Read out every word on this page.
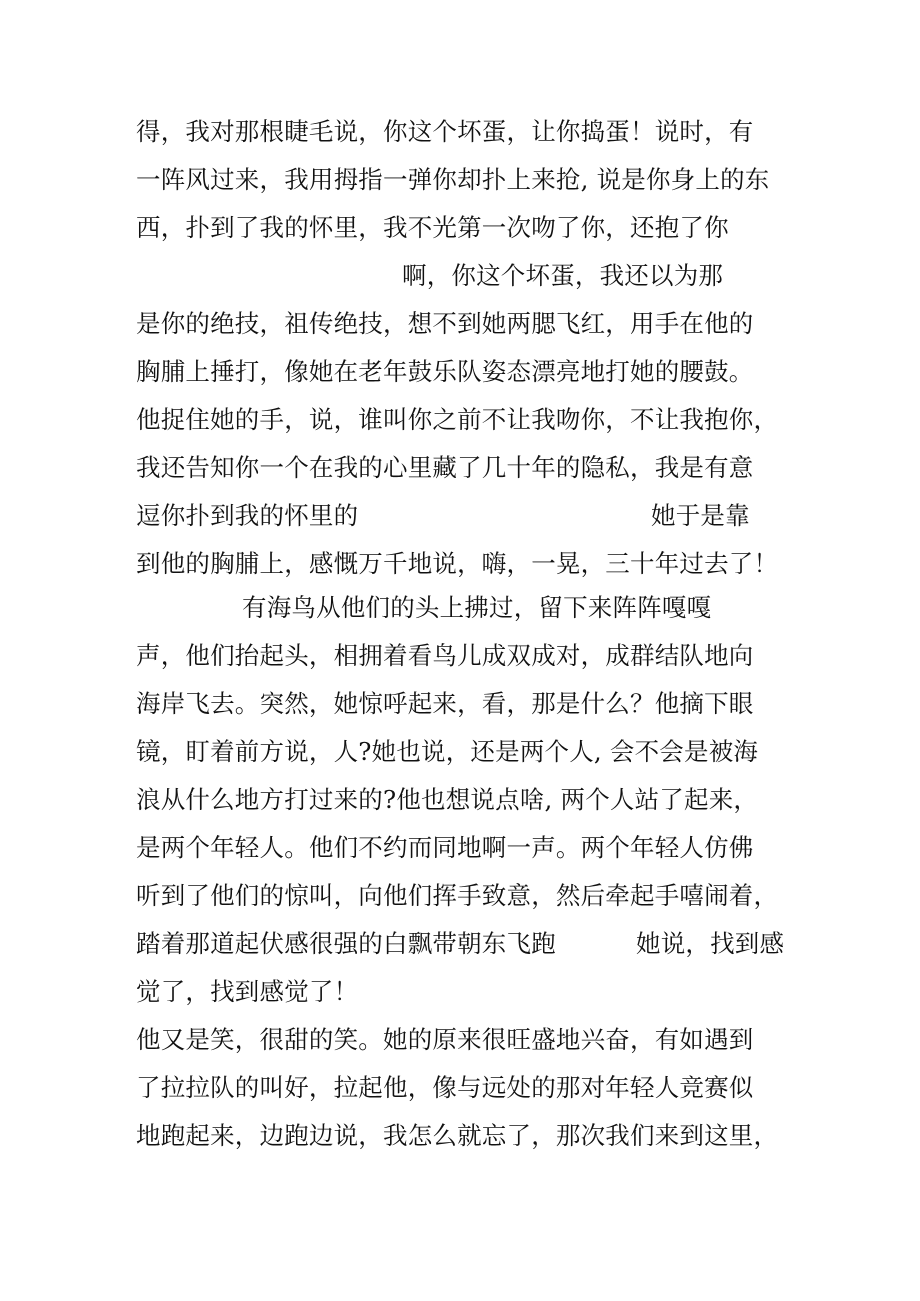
得，我对那根睫毛说，你这个坏蛋，让你捣蛋！说时，有
一阵风过来，我用拇指一弹你却扑上来抢, 说是你身上的东
西，扑到了我的怀里，我不光第一次吻了你，还抱了你
啊，你这个坏蛋，我还以为那
是你的绝技，祖传绝技，想不到她两腮飞红，用手在他的
胸脯上捶打，像她在老年鼓乐队姿态漂亮地打她的腰鼓。
他捉住她的手，说，谁叫你之前不让我吻你，不让我抱你，
我还告知你一个在我的心里藏了几十年的隐私，我是有意
逗你扑到我的怀里的	她于是靠
到他的胸脯上，感慨万千地说，嗨，一晃，三十年过去了！
有海鸟从他们的头上拂过，留下来阵阵嘎嘎
声，他们抬起头，相拥着看鸟儿成双成对，成群结队地向
海岸飞去。突然，她惊呼起来，看，那是什么？他摘下眼
镜，盯着前方说，人?她也说，还是两个人, 会不会是被海
浪从什么地方打过来的?他也想说点啥, 两个人站了起来，
是两个年轻人。他们不约而同地啊一声。两个年轻人仿佛
听到了他们的惊叫，向他们挥手致意，然后牵起手嘻闹着，
踏着那道起伏感很强的白飘带朝东飞跑	她说，找到感
觉了，找到感觉了！
他又是笑，很甜的笑。她的原来很旺盛地兴奋，有如遇到
了拉拉队的叫好，拉起他，像与远处的那对年轻人竞赛似
地跑起来，边跑边说，我怎么就忘了，那次我们来到这里，
